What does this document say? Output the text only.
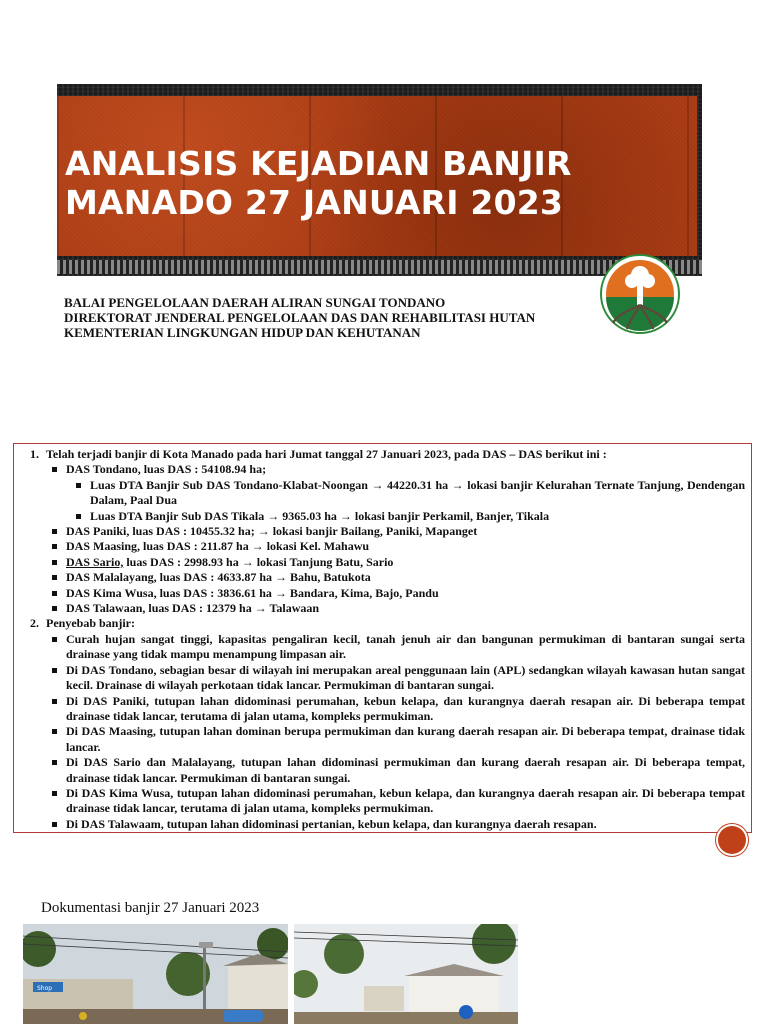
ANALISIS KEJADIAN BANJIR
MANADO 27 JANUARI 2023
BALAI PENGELOLAAN DAERAH ALIRAN SUNGAI TONDANO
DIREKTORAT JENDERAL PENGELOLAAN DAS DAN REHABILITASI HUTAN
KEMENTERIAN LINGKUNGAN HIDUP DAN KEHUTANAN
1. Telah terjadi banjir di Kota Manado pada hari Jumat tanggal 27 Januari 2023, pada DAS – DAS berikut ini :
DAS Tondano, luas DAS : 54108.94 ha;
Luas DTA Banjir Sub DAS Tondano-Klabat-Noongan → 44220.31 ha → lokasi banjir Kelurahan Ternate Tanjung, Dendengan Dalam, Paal Dua
Luas DTA Banjir Sub DAS Tikala → 9365.03 ha → lokasi banjir Perkamil, Banjer, Tikala
DAS Paniki, luas DAS : 10455.32 ha; → lokasi banjir Bailang, Paniki, Mapanget
DAS Maasing, luas DAS : 211.87 ha → lokasi Kel. Mahawu
DAS Sario, luas DAS : 2998.93 ha → lokasi Tanjung Batu, Sario
DAS Malalayang, luas DAS : 4633.87 ha → Bahu, Batukota
DAS Kima Wusa, luas DAS : 3836.61 ha → Bandara, Kima, Bajo, Pandu
DAS Talawaan, luas DAS : 12379 ha → Talawaan
2. Penyebab banjir:
Curah hujan sangat tinggi, kapasitas pengaliran kecil, tanah jenuh air dan bangunan permukiman di bantaran sungai serta drainase yang tidak mampu menampung limpasan air.
Di DAS Tondano, sebagian besar di wilayah ini merupakan areal penggunaan lain (APL) sedangkan wilayah kawasan hutan sangat kecil. Drainase di wilayah perkotaan tidak lancar. Permukiman di bantaran sungai.
Di DAS Paniki, tutupan lahan didominasi perumahan, kebun kelapa, dan kurangnya daerah resapan air. Di beberapa tempat drainase tidak lancar, terutama di jalan utama, kompleks permukiman.
Di DAS Maasing, tutupan lahan dominan berupa permukiman dan kurang daerah resapan air. Di beberapa tempat, drainase tidak lancar.
Di DAS Sario dan Malalayang, tutupan lahan didominasi permukiman dan kurang daerah resapan air. Di beberapa tempat, drainase tidak lancar. Permukiman di bantaran sungai.
Di DAS Kima Wusa, tutupan lahan didominasi perumahan, kebun kelapa, dan kurangnya daerah resapan air. Di beberapa tempat drainase tidak lancar, terutama di jalan utama, kompleks permukiman.
Di DAS Talawaam, tutupan lahan didominasi pertanian, kebun kelapa, dan kurangnya daerah resapan.
Dokumentasi banjir 27 Januari 2023
Shop
